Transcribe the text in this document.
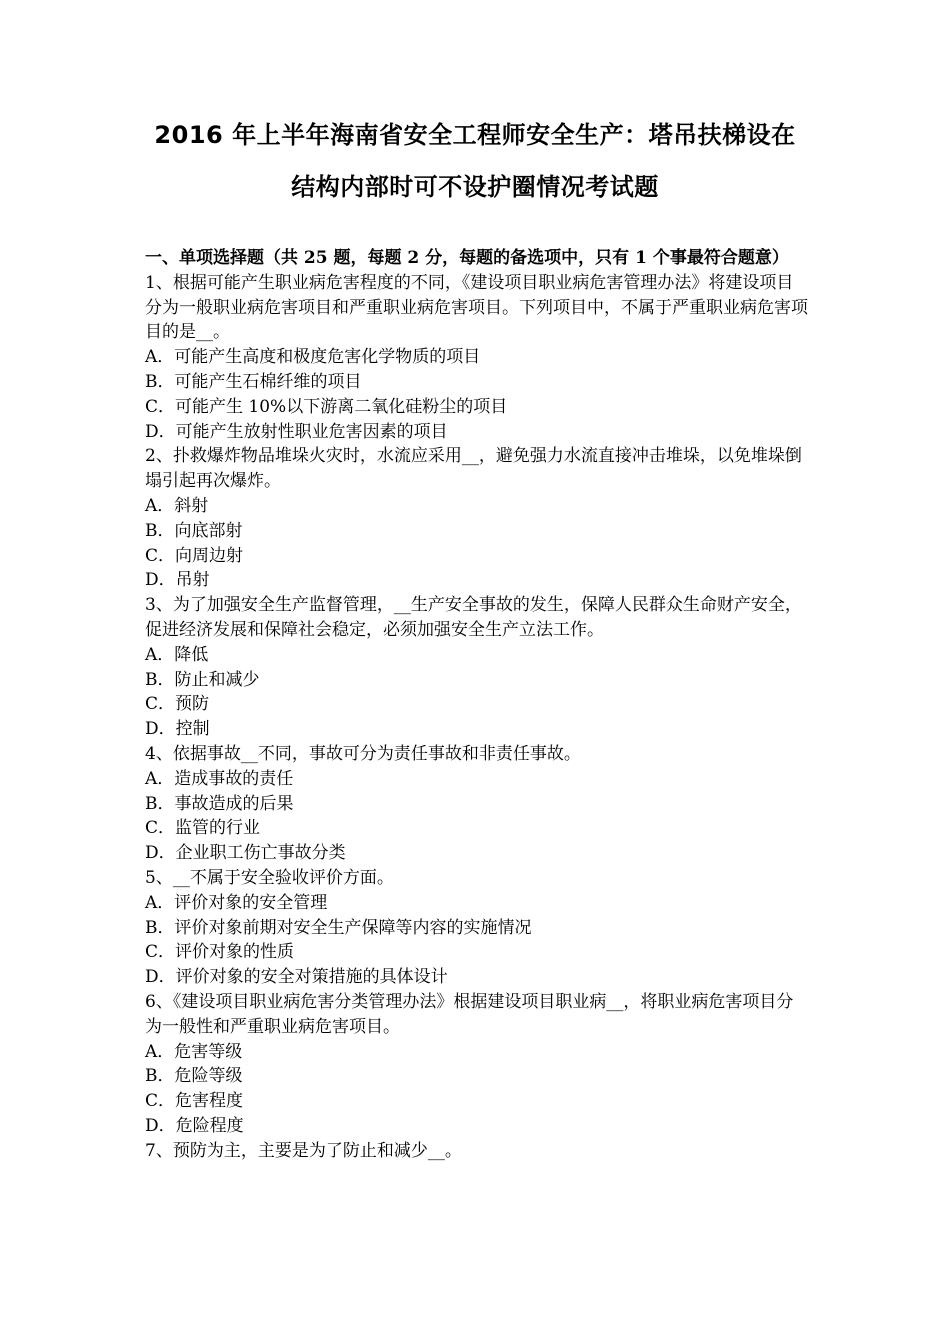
2016 年上半年海南省安全工程师安全生产：塔吊扶梯设在
结构内部时可不设护圈情况考试题

一、单项选择题（共 25 题，每题 2 分，每题的备选项中，只有 1 个事最符合题意）

1、根据可能产生职业病危害程度的不同，《建设项目职业病危害管理办法》将建设项目分为一般职业病危害项目和严重职业病危害项目。下列项目中，不属于严重职业病危害项目的是__。

A．可能产生高度和极度危害化学物质的项目

B．可能产生石棉纤维的项目

C．可能产生 10%以下游离二氧化硅粉尘的项目

D．可能产生放射性职业危害因素的项目

2、扑救爆炸物品堆垛火灾时，水流应采用__，避免强力水流直接冲击堆垛，以免堆垛倒塌引起再次爆炸。

A．斜射

B．向底部射

C．向周边射

D．吊射

3、为了加强安全生产监督管理，__生产安全事故的发生，保障人民群众生命财产安全，促进经济发展和保障社会稳定，必须加强安全生产立法工作。

A．降低

B．防止和减少

C．预防

D．控制

4、依据事故__不同，事故可分为责任事故和非责任事故。

A．造成事故的责任

B．事故造成的后果

C．监管的行业

D．企业职工伤亡事故分类

5、__不属于安全验收评价方面。

A．评价对象的安全管理

B．评价对象前期对安全生产保障等内容的实施情况

C．评价对象的性质

D．评价对象的安全对策措施的具体设计

6、《建设项目职业病危害分类管理办法》根据建设项目职业病__，将职业病危害项目分为一般性和严重职业病危害项目。

A．危害等级

B．危险等级

C．危害程度

D．危险程度

7、预防为主，主要是为了防止和减少__。
